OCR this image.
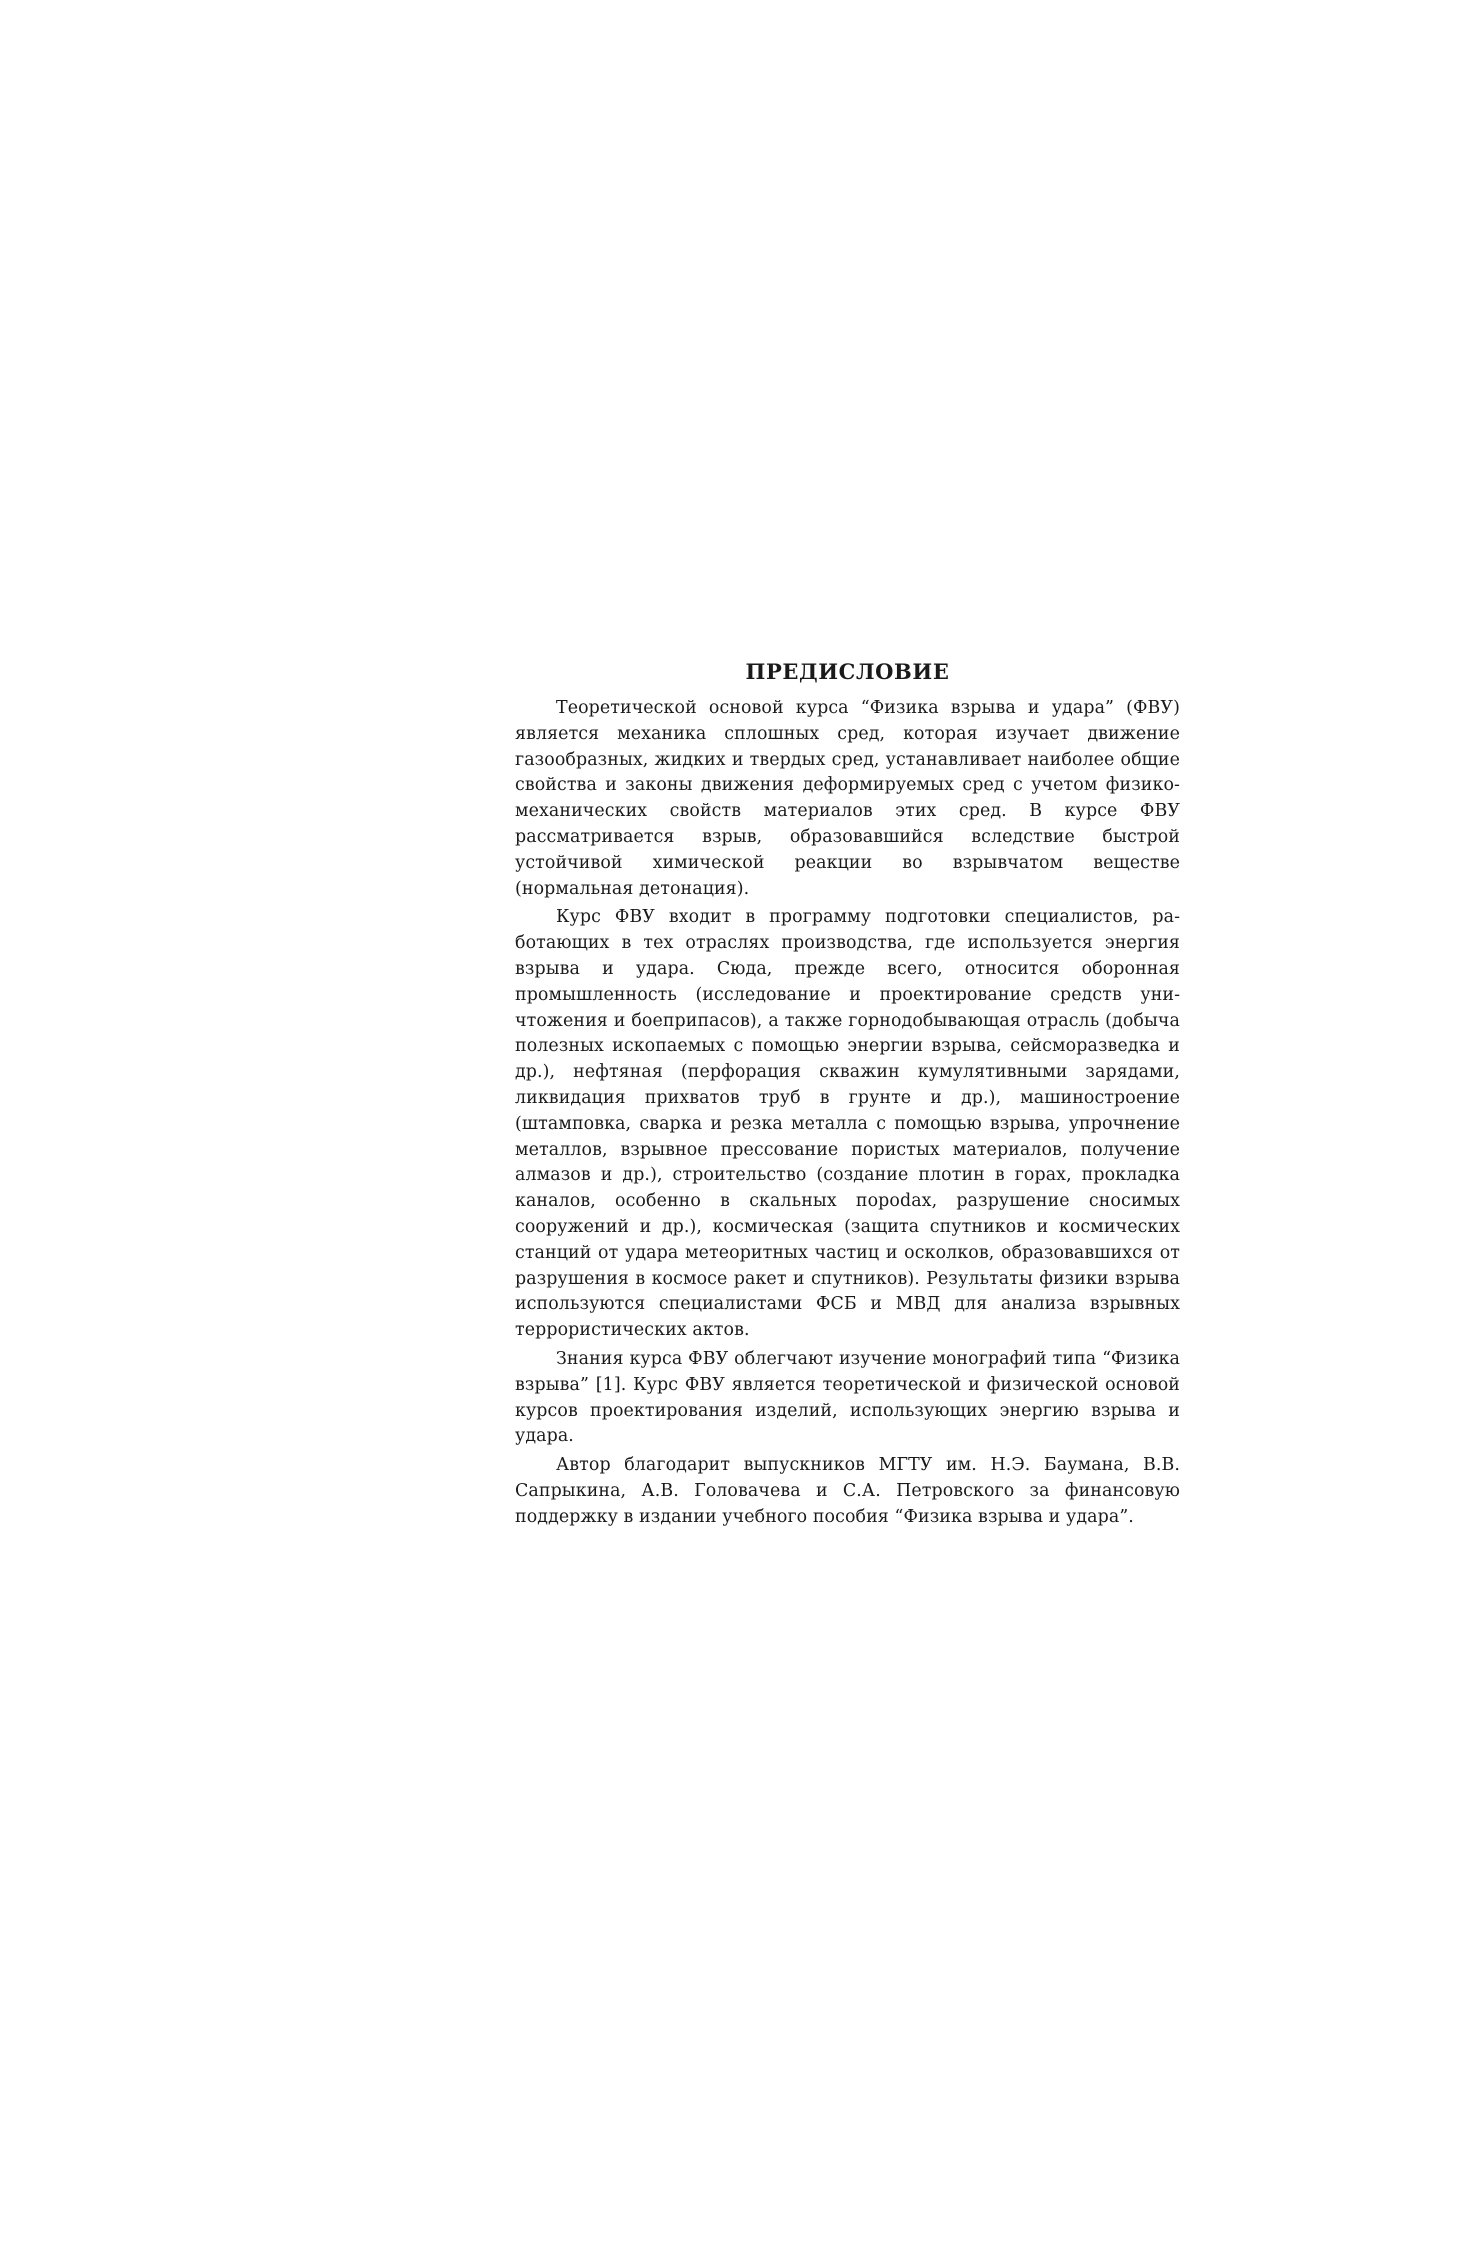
ПРЕДИСЛОВИЕ

Теоретической основой курса “Физика взрыва и удара” (ФВУ) является механика сплошных сред, которая изучает движение газообразных, жидких и твердых сред, устанавливает наиболее общие свойства и законы движения деформируемых сред с учетом физико-механических свойств материалов этих сред. В курсе ФВУ рассматривается взрыв, образовавшийся вследствие быстрой устойчивой химической реакции во взрывчатом веществе (нормальная детонация).

Курс ФВУ входит в программу подготовки специалистов, работающих в тех отраслях производства, где используется энергия взрыва и удара. Сюда, прежде всего, относится оборонная промышленность (исследование и проектирование средств уничтожения и боеприпасов), а также горнодобывающая отрасль (добыча полезных ископаемых с помощью энергии взрыва, сейсморазведка и др.), нефтяная (перфорация скважин кумулятивными зарядами, ликвидация прихватов труб в грунте и др.), машиностроение (штамповка, сварка и резка металла с помощью взрыва, упрочнение металлов, взрывное прессование пористых материалов, получение алмазов и др.), строительство (создание плотин в горах, прокладка каналов, особенно в скальных пороdах, разрушение сносимых сооружений и др.), космическая (защита спутников и космических станций от удара метеоритных частиц и осколков, образовавшихся от разрушения в космосе ракет и спутников). Результаты физики взрыва используются специалистами ФСБ и МВД для анализа взрывных террористических актов.

Знания курса ФВУ облегчают изучение монографий типа “Физика взрыва” [1]. Курс ФВУ является теоретической и физической основой курсов проектирования изделий, использующих энергию взрыва и удара.

Автор благодарит выпускников МГТУ им. Н.Э. Баумана, В.В. Сапрыкина, А.В. Головачева и С.А. Петровского за финансовую поддержку в издании учебного пособия “Физика взрыва и удара”.
